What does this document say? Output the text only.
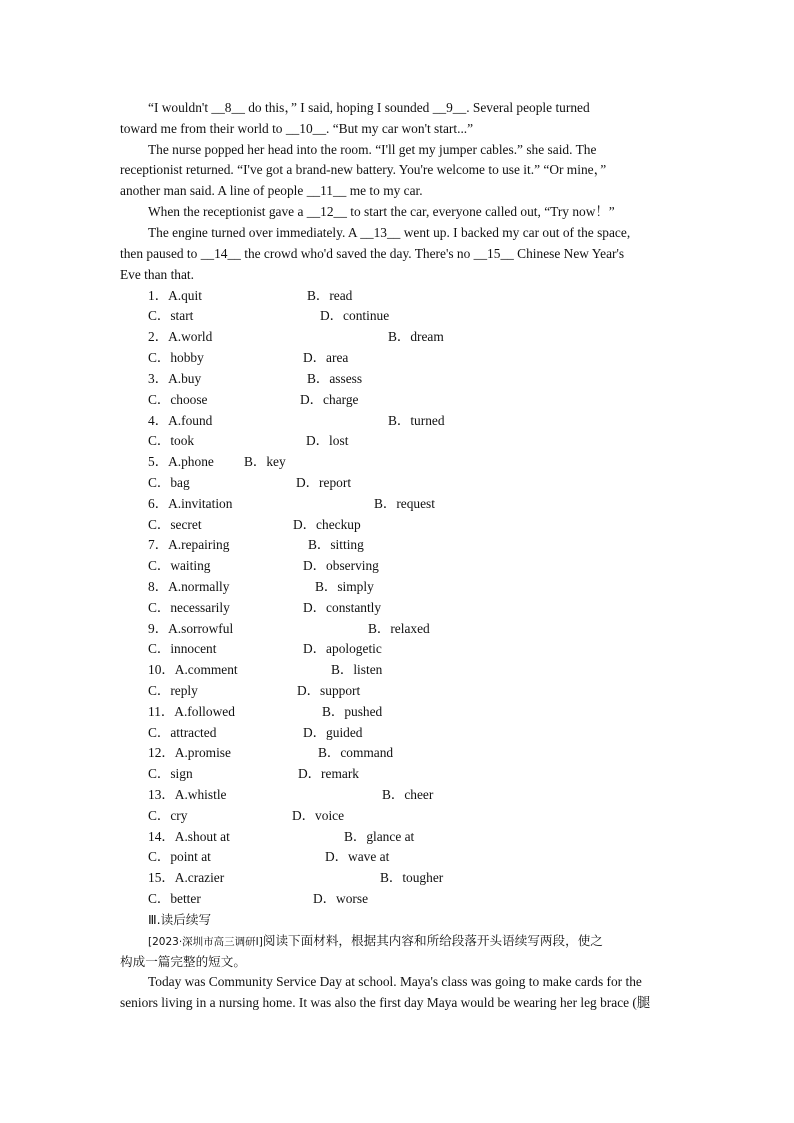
“I wouldn't __8__ do this，” I said, hoping I sounded __9__. Several people turned
toward me from their world to __10__. “But my car won't start...”
The nurse popped her head into the room. “I'll get my jumper cables.” she said. The
receptionist returned. “I've got a brand-new battery. You're welcome to use it.” “Or mine，”
another man said. A line of people __11__ me to my car.
When the receptionist gave a __12__ to start the car, everyone called out, “Try now！”
The engine turned over immediately. A __13__ went up. I backed my car out of the space,
then paused to __14__ the crowd who'd saved the day. There's no __15__ Chinese New Year's
Eve than that.
1．A.quit	B．read
C．start	D．continue
2．A.world	B．dream
C．hobby	D．area
3．A.buy	B．assess
C．choose	D．charge
4．A.found	B．turned
C．took	D．lost
5．A.phone B．key
C．bag	D．report
6．A.invitation	B．request
C．secret	D．checkup
7．A.repairing	B．sitting
C．waiting	D．observing
8．A.normally	B．simply
C．necessarily	D．constantly
9．A.sorrowful	B．relaxed
C．innocent	D．apologetic
10．A.comment	B．listen
C．reply	D．support
11．A.followed	B．pushed
C．attracted	D．guided
12．A.promise	B．command
C．sign	D．remark
13．A.whistle	B．cheer
C．cry	D．voice
14．A.shout at	B．glance at
C．point at	D．wave at
15．A.crazier	B．tougher
C．better	D．worse
Ⅲ.读后续写
[2023·深圳市高三调研Ⅰ]阅读下面材料，根据其内容和所给段落开头语续写两段，使之
构成一篇完整的短文。
Today was Community Service Day at school. Maya's class was going to make cards for the
seniors living in a nursing home. It was also the first day Maya would be wearing her leg brace (腿
